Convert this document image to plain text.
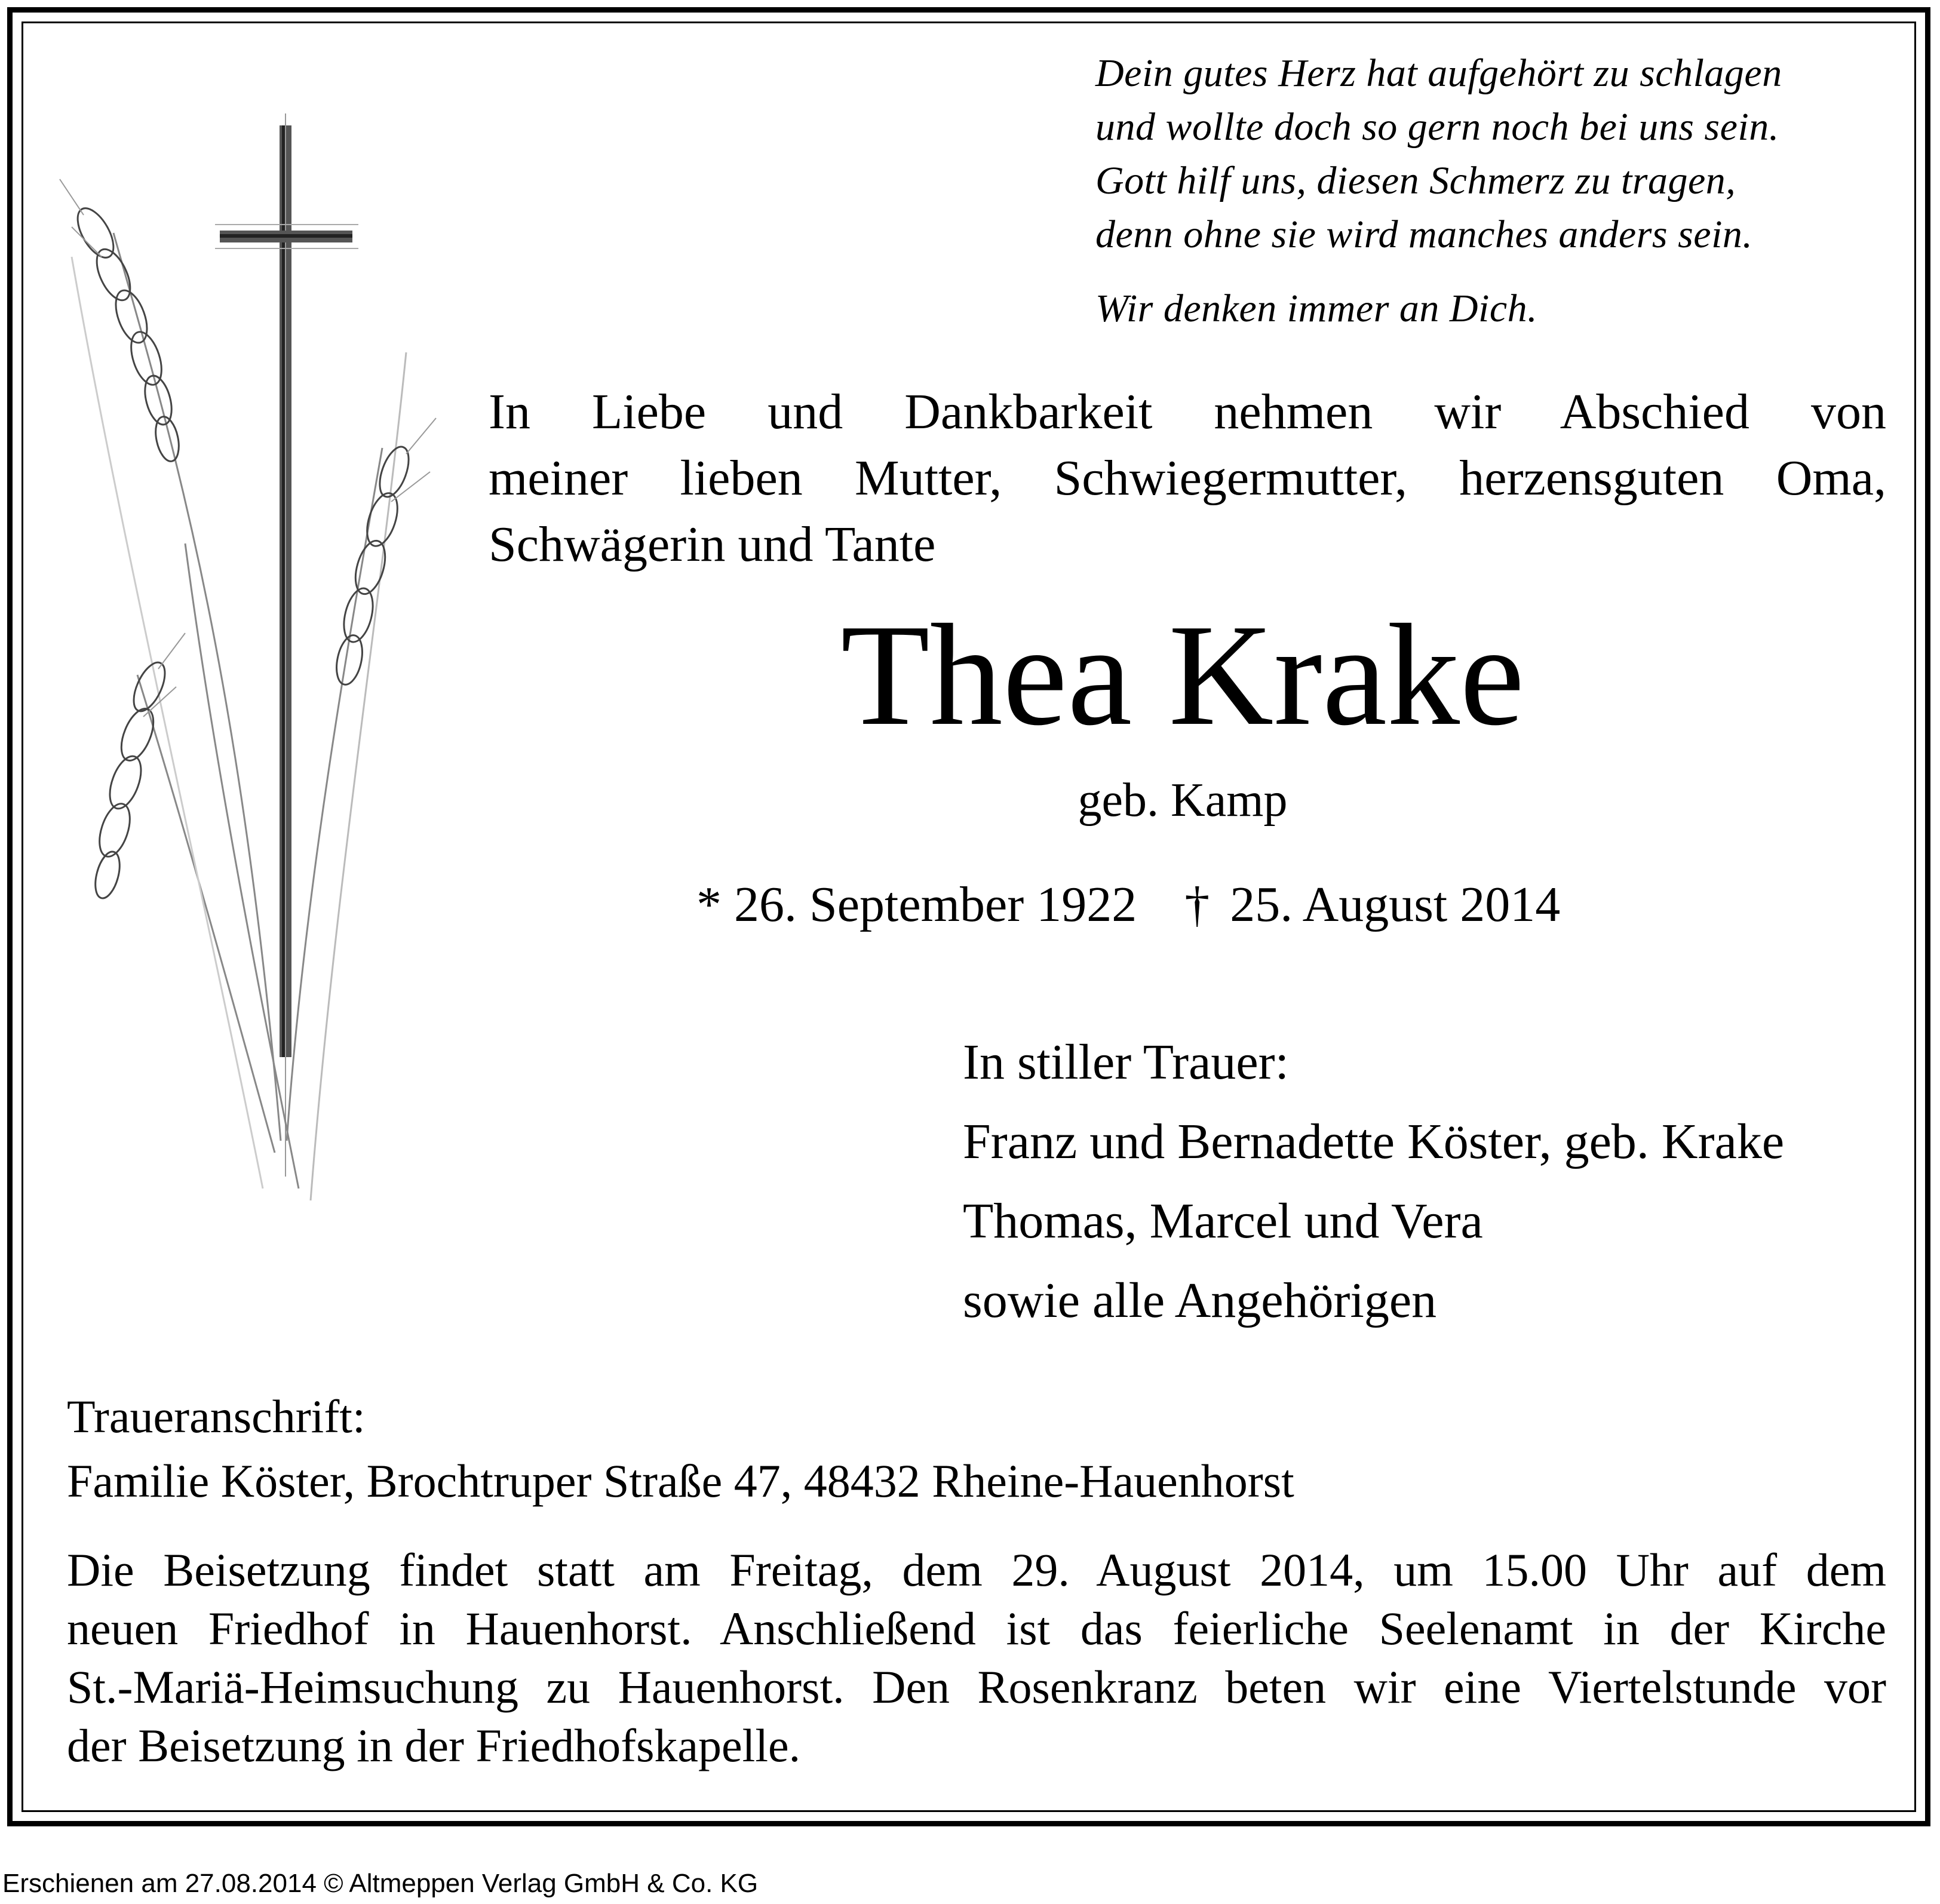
Dein gutes Herz hat aufgehört zu schlagen
und wollte doch so gern noch bei uns sein.
Gott hilf uns, diesen Schmerz zu tragen,
denn ohne sie wird manches anders sein.
Wir denken immer an Dich.
In Liebe und Dankbarkeit nehmen wir Abschied von
meiner lieben Mutter, Schwiegermutter, herzensguten Oma,
Schwägerin und Tante
Thea Krake
geb. Kamp
* 26. September 1922 † 25. August 2014
In stiller Trauer:
Franz und Bernadette Köster, geb. Krake
Thomas, Marcel und Vera
sowie alle Angehörigen
Traueranschrift:
Familie Köster, Brochtruper Straße 47, 48432 Rheine-Hauenhorst
Die Beisetzung findet statt am Freitag, dem 29. August 2014, um 15.00 Uhr auf dem
neuen Friedhof in Hauenhorst. Anschließend ist das feierliche Seelenamt in der Kirche
St.-Mariä-Heimsuchung zu Hauenhorst. Den Rosenkranz beten wir eine Viertelstunde vor
der Beisetzung in der Friedhofskapelle.
Erschienen am 27.08.2014 © Altmeppen Verlag GmbH & Co. KG
